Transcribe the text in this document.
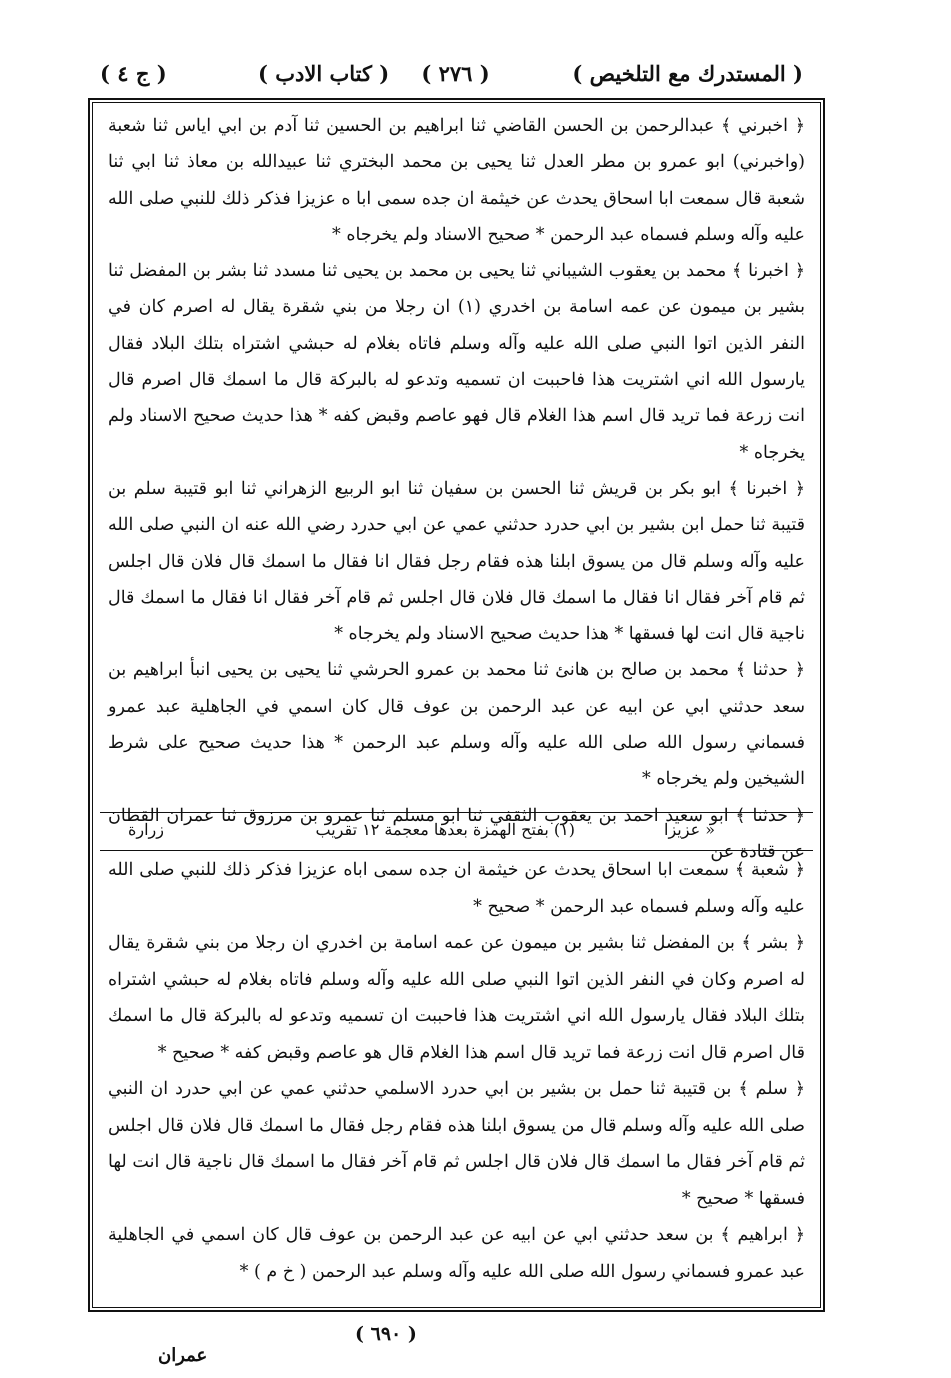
( المستدرك مع التلخيص )
( ٢٧٦ )
( كتاب الادب )
( ج ٤ )

﴿ اخبرني ﴾ عبدالرحمن بن الحسن القاضي ثنا ابراهيم بن الحسين ثنا آدم بن ابي اياس ثنا شعبة (واخبرني) ابو عمرو بن مطر العدل ثنا يحيى بن محمد البختري ثنا عبيدالله بن معاذ ثنا ابي ثنا شعبة قال سمعت ابا اسحاق يحدث عن خيثمة ان جده سمى ابا ه عزيزا فذكر ذلك للنبي صلى الله عليه وآله وسلم فسماه عبد الرحمن * صحيح الاسناد ولم يخرجاه *

﴿ اخبرنا ﴾ محمد بن يعقوب الشيباني ثنا يحيى بن محمد بن يحيى ثنا مسدد ثنا بشر بن المفضل ثنا بشير بن ميمون عن عمه اسامة بن اخدري (١) ان رجلا من بني شقرة يقال له اصرم كان في النفر الذين اتوا النبي صلى الله عليه وآله وسلم فاتاه بغلام له حبشي اشتراه بتلك البلاد فقال يارسول الله اني اشتريت هذا فاحببت ان تسميه وتدعو له بالبركة قال ما اسمك قال اصرم قال انت زرعة فما تريد قال اسم هذا الغلام قال فهو عاصم وقبض كفه * هذا حديث صحيح الاسناد ولم يخرجاه *

﴿ اخبرنا ﴾ ابو بكر بن قريش ثنا الحسن بن سفيان ثنا ابو الربيع الزهراني ثنا ابو قتيبة سلم بن قتيبة ثنا حمل ابن بشير بن ابي حدرد حدثني عمي عن ابي حدرد رضي الله عنه ان النبي صلى الله عليه وآله وسلم قال من يسوق ابلنا هذه فقام رجل فقال انا فقال ما اسمك قال فلان قال اجلس ثم قام آخر فقال انا فقال ما اسمك قال فلان قال اجلس ثم قام آخر فقال انا فقال ما اسمك قال ناجية قال انت لها فسقها * هذا حديث صحيح الاسناد ولم يخرجاه *

﴿ حدثنا ﴾ محمد بن صالح بن هانئ ثنا محمد بن عمرو الحرشي ثنا يحيى بن يحيى انبأ ابراهيم بن سعد حدثني ابي عن ابيه عن عبد الرحمن بن عوف قال كان اسمي في الجاهلية عبد عمرو فسماني رسول الله صلى الله عليه وآله وسلم عبد الرحمن * هذا حديث صحيح على شرط الشيخين ولم يخرجاه *

﴿ حدثنا ﴾ ابو سعيد احمد بن يعقوب الثقفي ثنا ابو مسلم ثنا عمرو بن مرزوق ثنا عمران القطان عن قتادة عن

« عزيزا
(١) بفتح الهمزة بعدها معجمة ١٢ تقريب
زرارة

﴿ شعبة ﴾ سمعت ابا اسحاق يحدث عن خيثمة ان جده سمى اباه عزيزا فذكر ذلك للنبي صلى الله عليه وآله وسلم فسماه عبد الرحمن * صحيح *

﴿ بشر ﴾ بن المفضل ثنا بشير بن ميمون عن عمه اسامة بن اخدري ان رجلا من بني شقرة يقال له اصرم وكان في النفر الذين اتوا النبي صلى الله عليه وآله وسلم فاتاه بغلام له حبشي اشتراه بتلك البلاد فقال يارسول الله اني اشتريت هذا فاحببت ان تسميه وتدعو له بالبركة قال ما اسمك قال اصرم قال انت زرعة فما تريد قال اسم هذا الغلام قال هو عاصم وقبض كفه * صحيح *

﴿ سلم ﴾ بن قتيبة ثنا حمل بن بشير بن ابي حدرد الاسلمي حدثني عمي عن ابي حدرد ان النبي صلى الله عليه وآله وسلم قال من يسوق ابلنا هذه فقام رجل فقال ما اسمك قال فلان قال اجلس ثم قام آخر فقال ما اسمك قال فلان قال اجلس ثم قام آخر فقال ما اسمك قال ناجية قال انت لها فسقها * صحيح *

﴿ ابراهيم ﴾ بن سعد حدثني ابي عن ابيه عن عبد الرحمن بن عوف قال كان اسمي في الجاهلية عبد عمرو فسماني رسول الله صلى الله عليه وآله وسلم عبد الرحمن ( خ م ) *

( ٦٩٠ )
عمران
